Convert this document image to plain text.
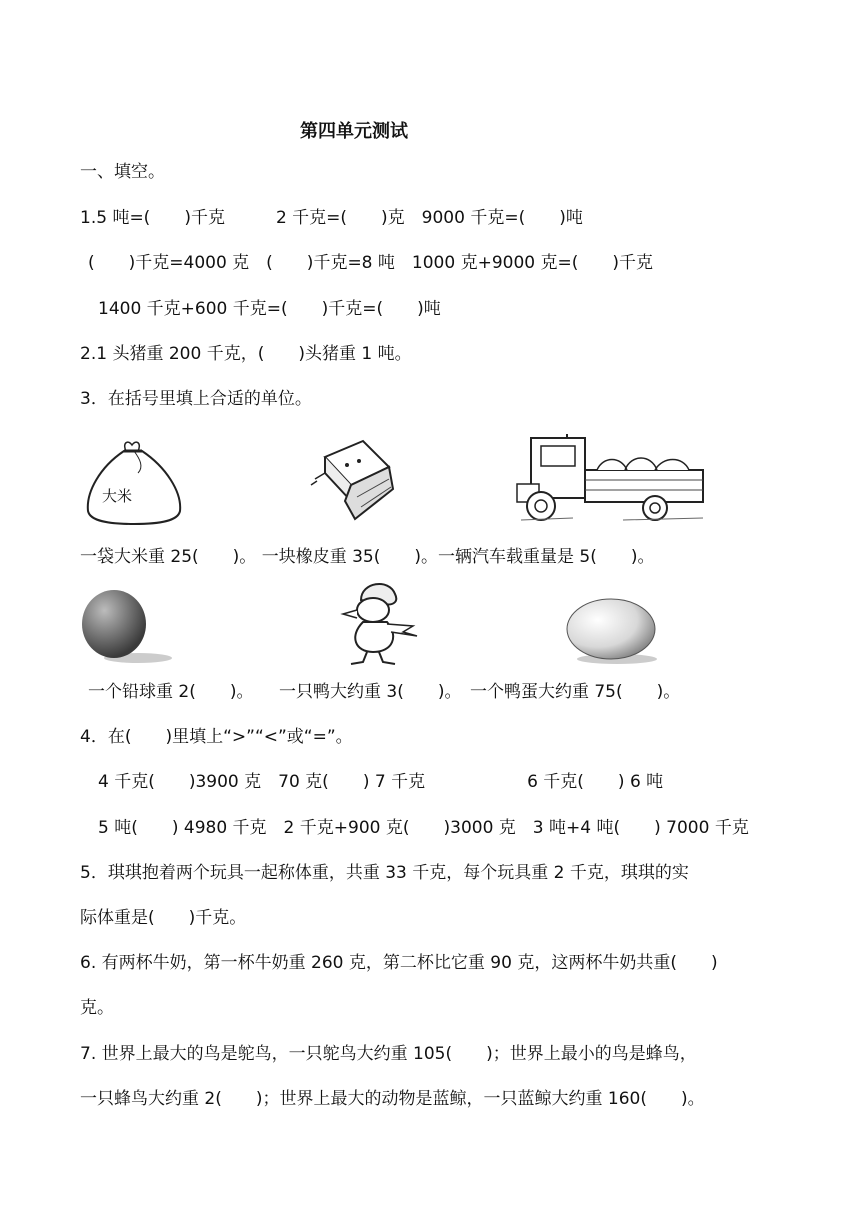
第四单元测试
一、填空。
1.5 吨=(　　)千克　　　2 千克=(　　)克　9000 千克=(　　)吨
(　　)千克=4000 克　(　　)千克=8 吨　1000 克+9000 克=(　　)千克
1400 千克+600 千克=(　　)千克=(　　)吨
2.1 头猪重 200 千克，(　　)头猪重 1 吨。
3．在括号里填上合适的单位。
大米
一袋大米重 25(　　)。 一块橡皮重 35(　　)。一辆汽车载重量是 5(　　)。
一个铅球重 2(　　)。　　一只鸭大约重 3(　　)。　一个鸭蛋大约重 75(　　)。
4．在(　　)里填上“>”“<”或“=”。
4 千克(　　)3900 克　70 克(　　) 7 千克　　　　　　6 千克(　　) 6 吨
5 吨(　　) 4980 千克　2 千克+900 克(　　)3000 克　3 吨+4 吨(　　) 7000 千克
5．琪琪抱着两个玩具一起称体重，共重 33 千克，每个玩具重 2 千克，琪琪的实
际体重是(　　)千克。
6. 有两杯牛奶，第一杯牛奶重 260 克，第二杯比它重 90 克，这两杯牛奶共重(　　)
克。
7. 世界上最大的鸟是鸵鸟，一只鸵鸟大约重 105(　　)；世界上最小的鸟是蜂鸟，
一只蜂鸟大约重 2(　　)；世界上最大的动物是蓝鲸，一只蓝鲸大约重 160(　　)。
